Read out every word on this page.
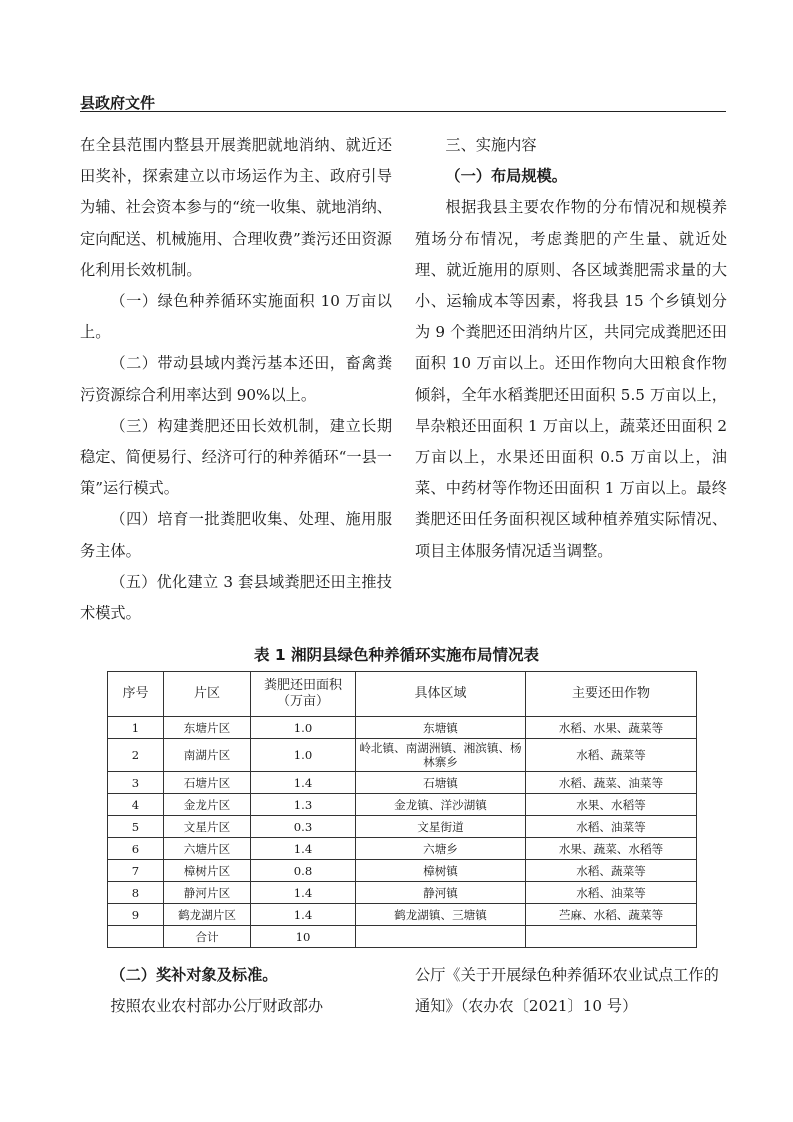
县政府文件

在全县范围内整县开展粪肥就地消纳、就近还田奖补，探索建立以市场运作为主、政府引导为辅、社会资本参与的“统一收集、就地消纳、定向配送、机械施用、合理收费”粪污还田资源化利用长效机制。

（一）绿色种养循环实施面积 10 万亩以上。

（二）带动县域内粪污基本还田，畜禽粪污资源综合利用率达到 90%以上。

（三）构建粪肥还田长效机制，建立长期稳定、简便易行、经济可行的种养循环“一县一策”运行模式。

（四）培育一批粪肥收集、处理、施用服务主体。

（五）优化建立 3 套县域粪肥还田主推技术模式。

三、实施内容

（一）布局规模。

根据我县主要农作物的分布情况和规模养殖场分布情况，考虑粪肥的产生量、就近处理、就近施用的原则、各区域粪肥需求量的大小、运输成本等因素，将我县 15 个乡镇划分为 9 个粪肥还田消纳片区，共同完成粪肥还田面积 10 万亩以上。还田作物向大田粮食作物倾斜，全年水稻粪肥还田面积 5.5 万亩以上，旱杂粮还田面积 1 万亩以上，蔬菜还田面积 2 万亩以上，水果还田面积 0.5 万亩以上，油菜、中药材等作物还田面积 1 万亩以上。最终粪肥还田任务面积视区域种植养殖实际情况、项目主体服务情况适当调整。

表 1 湘阴县绿色种养循环实施布局情况表
序号	片区	粪肥还田面积（万亩）	具体区域	主要还田作物
1	东塘片区	1.0	东塘镇	水稻、水果、蔬菜等
2	南湖片区	1.0	岭北镇、南湖洲镇、湘滨镇、杨林寨乡	水稻、蔬菜等
3	石塘片区	1.4	石塘镇	水稻、蔬菜、油菜等
4	金龙片区	1.3	金龙镇、洋沙湖镇	水果、水稻等
5	文星片区	0.3	文星街道	水稻、油菜等
6	六塘片区	1.4	六塘乡	水果、蔬菜、水稻等
7	樟树片区	0.8	樟树镇	水稻、蔬菜等
8	静河片区	1.4	静河镇	水稻、油菜等
9	鹤龙湖片区	1.4	鹤龙湖镇、三塘镇	苎麻、水稻、蔬菜等
	合计	10		

（二）奖补对象及标准。

按照农业农村部办公厅财政部办

公厅《关于开展绿色种养循环农业试点工作的通知》（农办农〔2021〕10 号）
